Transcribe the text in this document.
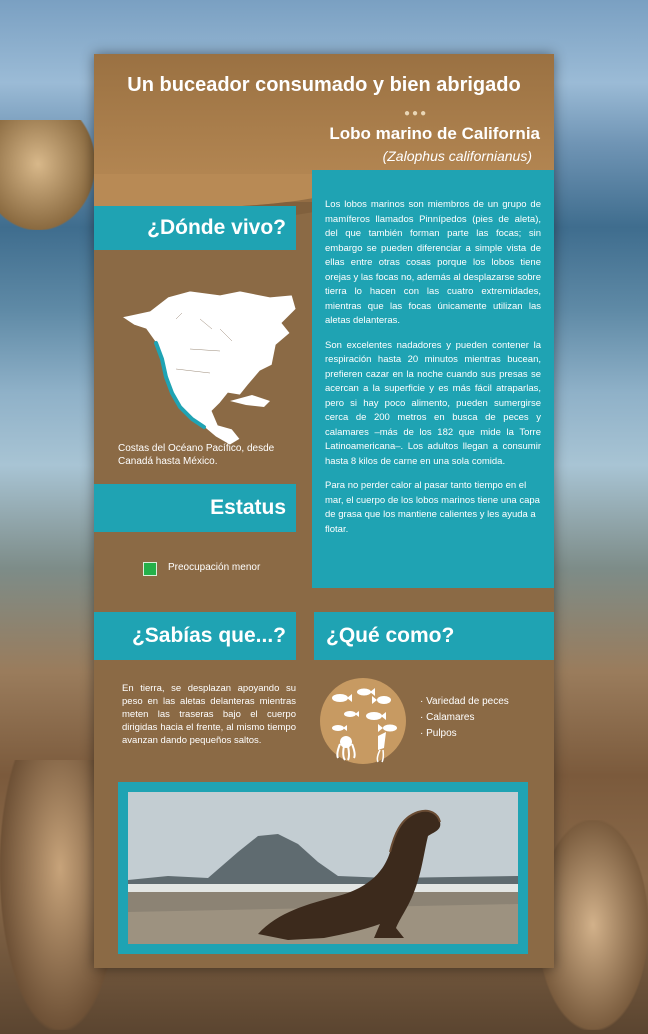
Un buceador consumado y bien abrigado
●●●
Lobo marino de California
(Zalophus californianus)

Los lobos marinos son miembros de un grupo de mamíferos llamados Pinnípedos (pies de aleta), del que también forman parte las focas; sin embargo se pueden diferenciar a simple vista de ellas entre otras cosas porque los lobos tiene orejas y las focas no, además al desplazarse sobre tierra lo hacen con las cuatro extremidades, mientras que las focas únicamente utilizan las aletas delanteras.

Son excelentes nadadores y pueden contener la respiración hasta 20 minutos mientras bucean, prefieren cazar en la noche cuando sus presas se acercan a la superficie y es más fácil atraparlas, pero si hay poco alimento, pueden sumergirse cerca de 200 metros en busca de peces y calamares –más de los 182 que mide la Torre Latinoamericana–. Los adultos llegan a consumir hasta 8 kilos de carne en una sola comida.

Para no perder calor al pasar tanto tiempo en el mar, el cuerpo de los lobos marinos tiene una capa de grasa que los mantiene calientes y les ayuda a flotar.

¿Dónde vivo?
Costas del Océano Pacífico, desde Canadá hasta México.
Estatus
Preocupación menor
¿Sabías que...?
En tierra, se desplazan apoyando su peso en las aletas delanteras mientras meten las traseras bajo el cuerpo dirigidas hacia el frente, al mismo tiempo avanzan dando pequeños saltos.
¿Qué como?
· Variedad de peces
· Calamares
· Pulpos
